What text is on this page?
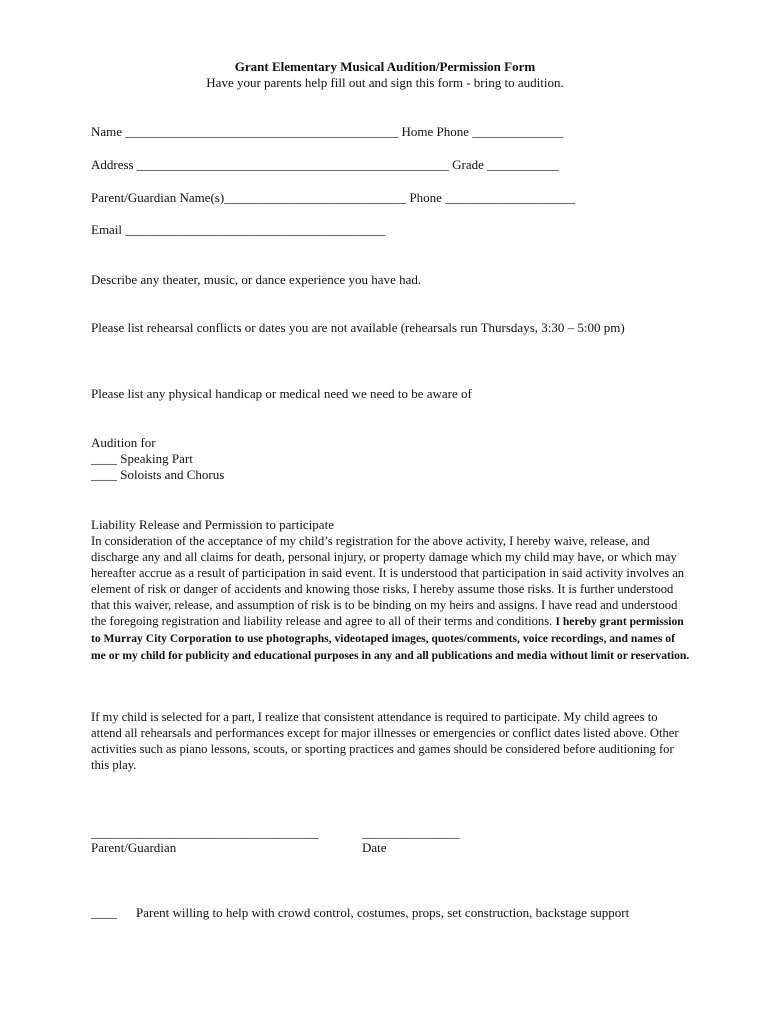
Grant Elementary Musical Audition/Permission Form
Have your parents help fill out and sign this form - bring to audition.
Name __________________________________________ Home Phone ______________
Address ________________________________________________ Grade ___________
Parent/Guardian Name(s)____________________________ Phone ____________________
Email ________________________________________
Describe any theater, music, or dance experience you have had.
Please list rehearsal conflicts or dates you are not available (rehearsals run Thursdays, 3:30 – 5:00 pm)
Please list any physical handicap or medical need we need to be aware of
Audition for
____ Speaking Part
____ Soloists and Chorus
Liability Release and Permission to participate
In consideration of the acceptance of my child’s registration for the above activity, I hereby waive, release, and discharge any and all claims for death, personal injury, or property damage which my child may have, or which may hereafter accrue as a result of participation in said event. It is understood that participation in said activity involves an element of risk or danger of accidents and knowing those risks, I hereby assume those risks. It is further understood that this waiver, release, and assumption of risk is to be binding on my heirs and assigns. I have read and understood the foregoing registration and liability release and agree to all of their terms and conditions. I hereby grant permission to Murray City Corporation to use photographs, videotaped images, quotes/comments, voice recordings, and names of me or my child for publicity and educational purposes in any and all publications and media without limit or reservation.
If my child is selected for a part, I realize that consistent attendance is required to participate. My child agrees to attend all rehearsals and performances except for major illnesses or emergencies or conflict dates listed above. Other activities such as piano lessons, scouts, or sporting practices and games should be considered before auditioning for this play.
___________________________________	_______________
Parent/Guardian	Date
____ Parent willing to help with crowd control, costumes, props, set construction, backstage support
